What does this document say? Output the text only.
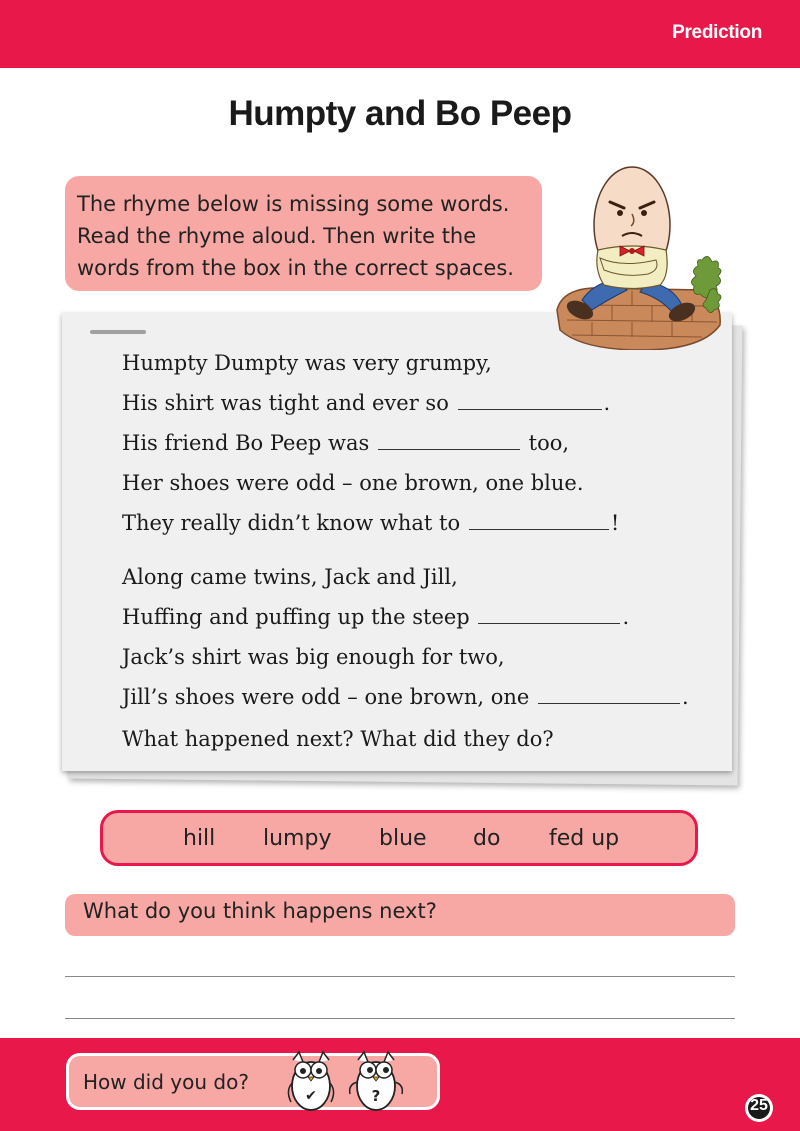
Prediction
Humpty and Bo Peep
The rhyme below is missing some words.
Read the rhyme aloud. Then write the
words from the box in the correct spaces.
Humpty Dumpty was very grumpy,
His shirt was tight and ever so	.
His friend Bo Peep was	too,
Her shoes were odd – one brown, one blue.
They really didn’t know what to	!
Along came twins, Jack and Jill,
Huffing and puffing up the steep	.
Jack’s shirt was big enough for two,
Jill’s shoes were odd – one brown, one	.
What happened next? What did they do?
hill lumpy blue do fed up
What do you think happens next?
How did you do?
✔	?
25
